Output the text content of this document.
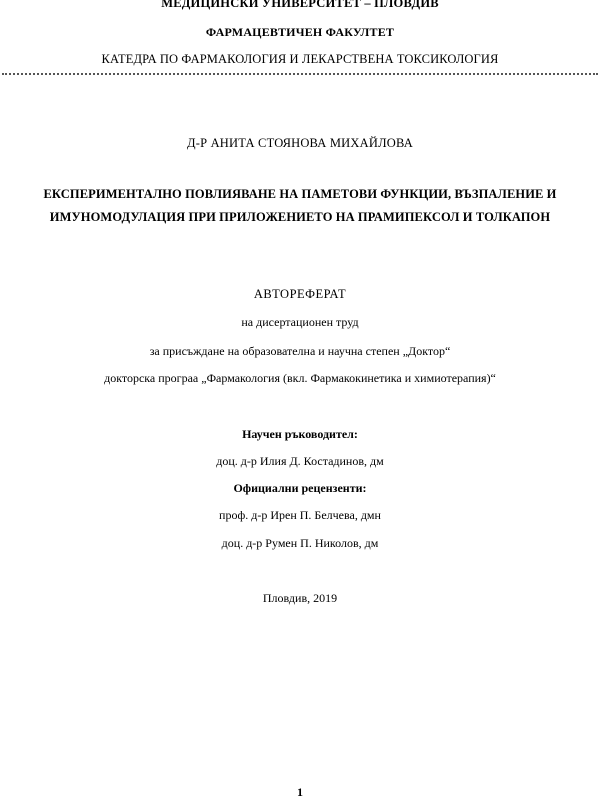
МЕДИЦИНСКИ УНИВЕРСИТЕТ – ПЛОВДИВ
ФАРМАЦЕВТИЧЕН ФАКУЛТЕТ
КАТЕДРА ПО ФАРМАКОЛОГИЯ И ЛЕКАРСТВЕНА ТОКСИКОЛОГИЯ
Д-Р АНИТА СТОЯНОВА МИХАЙЛОВА
ЕКСПЕРИМЕНТАЛНО ПОВЛИЯВАНЕ НА ПАМЕТОВИ ФУНКЦИИ, ВЪЗПАЛЕНИЕ И
ИМУНОМОДУЛАЦИЯ ПРИ ПРИЛОЖЕНИЕТО НА ПРАМИПЕКСОЛ И ТОЛКАПОН
АВТОРЕФЕРАТ
на дисертационен труд
за присъждане на образователна и научна степен „Доктор“
докторска програа „Фармакология (вкл. Фармакокинетика и химиотерапия)“
Научен ръководител:
доц. д-р Илия Д. Костадинов, дм
Официални рецензенти:
проф. д-р Ирен П. Белчева, дмн
доц. д-р Румен П. Николов, дм
Пловдив, 2019
1
